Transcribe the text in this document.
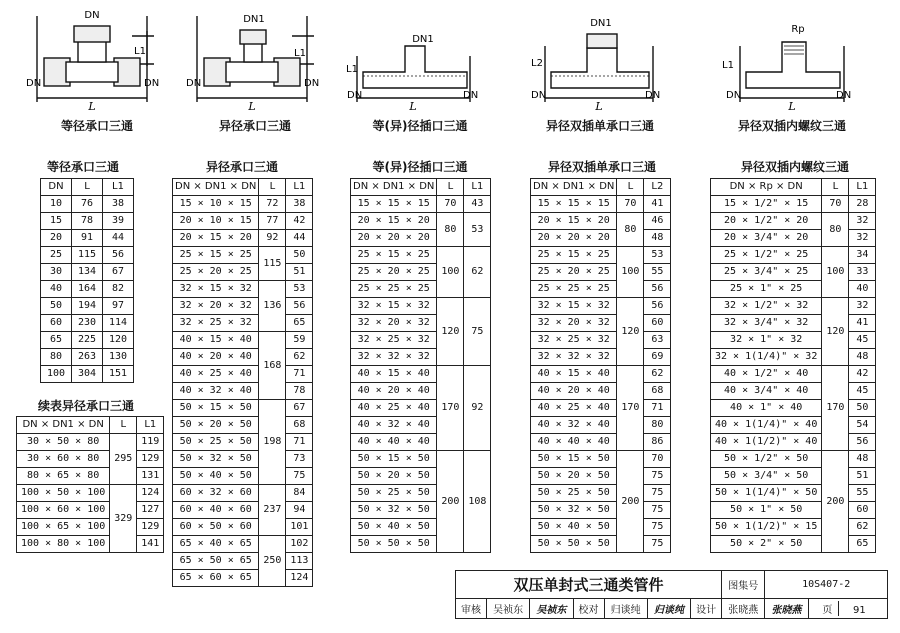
DN
DN	DN
L
L1
DN1
DN	DN
L
L1
DN1
DN	DN
L
L1
DN1
DN	DN
L
L2
Rp
DN	DN
L
L1
等径承口三通	异径承口三通	等(异)径插口三通	异径双插单承口三通	异径双插内螺纹三通
等径承口三通
续表异径承口三通
异径承口三通	等(异)径插口三通	异径双插单承口三通	异径双插内螺纹三通
DN	L	L1
10	76	38
15	78	39
20	91	44
25	115	56
30	134	67
40	164	82
50	194	97
60	230	114
65	225	120
80	263	130
100	304	151
DN × DN1 × DN	L	L1
30 × 50 × 80	295	119
30 × 60 × 80		129
80 × 65 × 80		131
100 × 50 × 100	329	124
100 × 60 × 100		127
100 × 65 × 100		129
100 × 80 × 100		141
DN × DN1 × DN	L	L1
15 × 10 × 15	72	38
20 × 10 × 15	77	42
20 × 15 × 20	92	44
25 × 15 × 25	115	50
25 × 20 × 25		51
32 × 15 × 32	136	53
32 × 20 × 32		56
32 × 25 × 32		65
40 × 15 × 40	168	59
40 × 20 × 40		62
40 × 25 × 40		71
40 × 32 × 40		78
50 × 15 × 50	198	67
50 × 20 × 50		68
50 × 25 × 50		71
50 × 32 × 50		73
50 × 40 × 50		75
60 × 32 × 60	237	84
60 × 40 × 60		94
60 × 50 × 60		101
65 × 40 × 65	250	102
65 × 50 × 65		113
65 × 60 × 65		124
DN × DN1 × DN	L	L1
15 × 15 × 15	70	43
20 × 15 × 20	80	53
20 × 20 × 20		
25 × 15 × 25	100	62
25 × 20 × 25		
25 × 25 × 25		
32 × 15 × 32	120	75
32 × 20 × 32		
32 × 25 × 32		
32 × 32 × 32		
40 × 15 × 40	170	92
40 × 20 × 40		
40 × 25 × 40		
40 × 32 × 40		
40 × 40 × 40		
50 × 15 × 50	200	108
50 × 20 × 50		
50 × 25 × 50		
50 × 32 × 50		
50 × 40 × 50		
50 × 50 × 50		
DN × DN1 × DN	L	L2
15 × 15 × 15	70	41
20 × 15 × 20	80	46
20 × 20 × 20		48
25 × 15 × 25	100	53
25 × 20 × 25		55
25 × 25 × 25		56
32 × 15 × 32	120	56
32 × 20 × 32		60
32 × 25 × 32		63
32 × 32 × 32		69
40 × 15 × 40	170	62
40 × 20 × 40		68
40 × 25 × 40		71
40 × 32 × 40		80
40 × 40 × 40		86
50 × 15 × 50	200	70
50 × 20 × 50		75
50 × 25 × 50		75
50 × 32 × 50		75
50 × 40 × 50		75
50 × 50 × 50		75
DN × Rp × DN	L	L1
15 × 1/2" × 15	70	28
20 × 1/2" × 20	80	32
20 × 3/4" × 20		32
25 × 1/2" × 25	100	34
25 × 3/4" × 25		33
25 × 1" × 25		40
32 × 1/2" × 32	120	32
32 × 3/4" × 32		41
32 × 1" × 32		45
32 × 1(1/4)" × 32		48
40 × 1/2" × 40	170	42
40 × 3/4" × 40		45
40 × 1" × 40		50
40 × 1(1/4)" × 40		54
40 × 1(1/2)" × 40		56
50 × 1/2" × 50	200	48
50 × 3/4" × 50		51
50 × 1(1/4)" × 50		55
50 × 1" × 50		60
50 × 1(1/2)" × 15		62
50 × 2" × 50		65
双压单封式三通类管件							图集号	10S407-2	
审核	吴祯东	吴祯东	校对	归谈纯	归谈纯	设计	张晓燕	张晓燕	页 91
